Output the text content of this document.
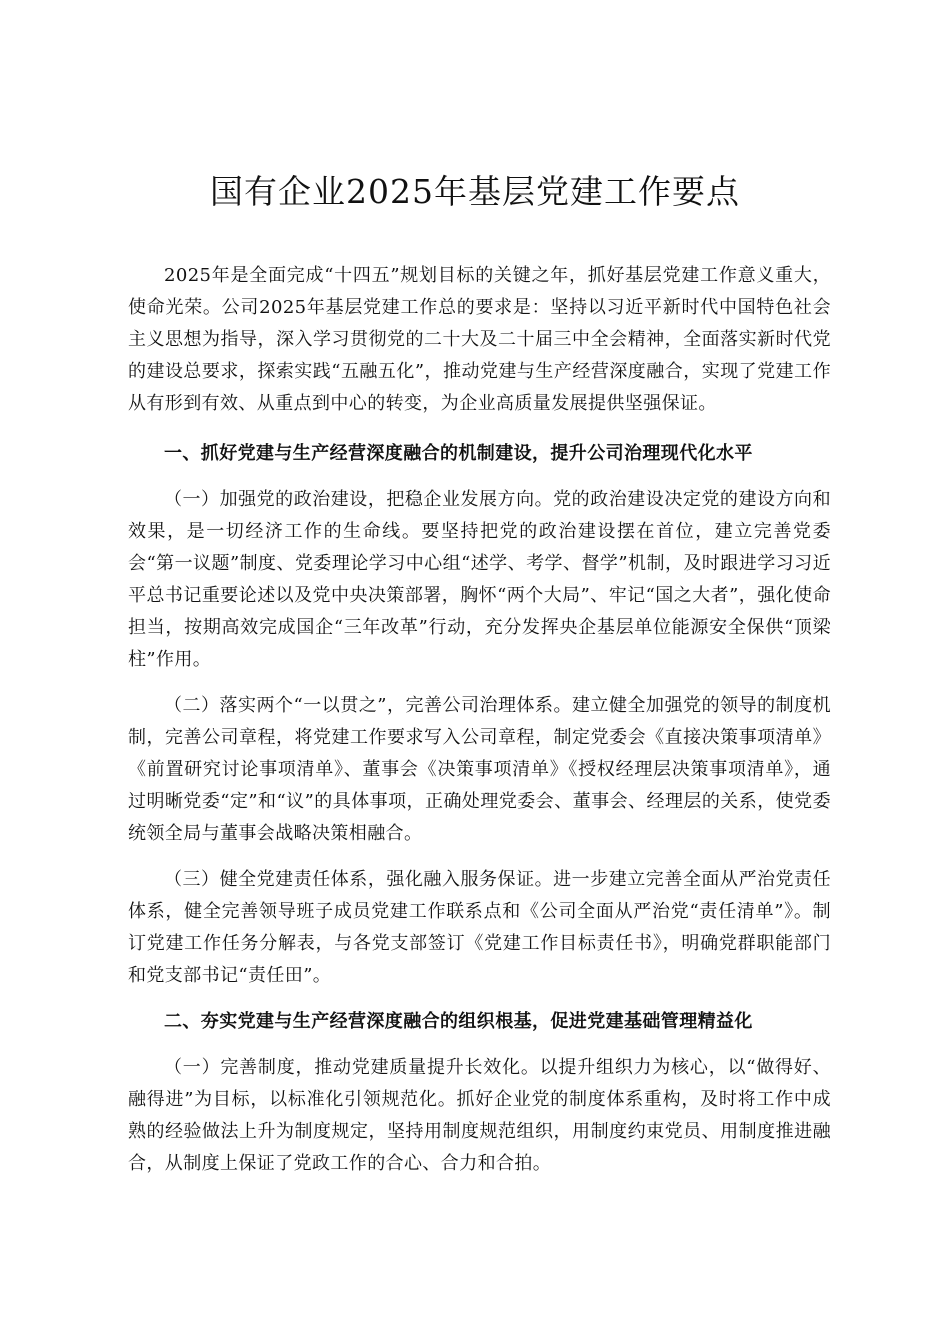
国有企业2025年基层党建工作要点

2025年是全面完成“十四五”规划目标的关键之年，抓好基层党建工作意义重大，使命光荣。公司2025年基层党建工作总的要求是：坚持以习近平新时代中国特色社会主义思想为指导，深入学习贯彻党的二十大及二十届三中全会精神，全面落实新时代党的建设总要求，探索实践“五融五化”，推动党建与生产经营深度融合，实现了党建工作从有形到有效、从重点到中心的转变，为企业高质量发展提供坚强保证。

一、抓好党建与生产经营深度融合的机制建设，提升公司治理现代化水平

（一）加强党的政治建设，把稳企业发展方向。党的政治建设决定党的建设方向和效果，是一切经济工作的生命线。要坚持把党的政治建设摆在首位，建立完善党委会“第一议题”制度、党委理论学习中心组“述学、考学、督学”机制，及时跟进学习习近平总书记重要论述以及党中央决策部署，胸怀“两个大局”、牢记“国之大者”，强化使命担当，按期高效完成国企“三年改革”行动，充分发挥央企基层单位能源安全保供“顶梁柱”作用。

（二）落实两个“一以贯之”，完善公司治理体系。建立健全加强党的领导的制度机制，完善公司章程，将党建工作要求写入公司章程，制定党委会《直接决策事项清单》《前置研究讨论事项清单》、董事会《决策事项清单》《授权经理层决策事项清单》，通过明晰党委“定”和“议”的具体事项，正确处理党委会、董事会、经理层的关系，使党委统领全局与董事会战略决策相融合。

（三）健全党建责任体系，强化融入服务保证。进一步建立完善全面从严治党责任体系，健全完善领导班子成员党建工作联系点和《公司全面从严治党“责任清单”》。制订党建工作任务分解表，与各党支部签订《党建工作目标责任书》，明确党群职能部门和党支部书记“责任田”。

二、夯实党建与生产经营深度融合的组织根基，促进党建基础管理精益化

（一）完善制度，推动党建质量提升长效化。以提升组织力为核心，以“做得好、融得进”为目标，以标准化引领规范化。抓好企业党的制度体系重构，及时将工作中成熟的经验做法上升为制度规定，坚持用制度规范组织，用制度约束党员、用制度推进融合，从制度上保证了党政工作的合心、合力和合拍。
